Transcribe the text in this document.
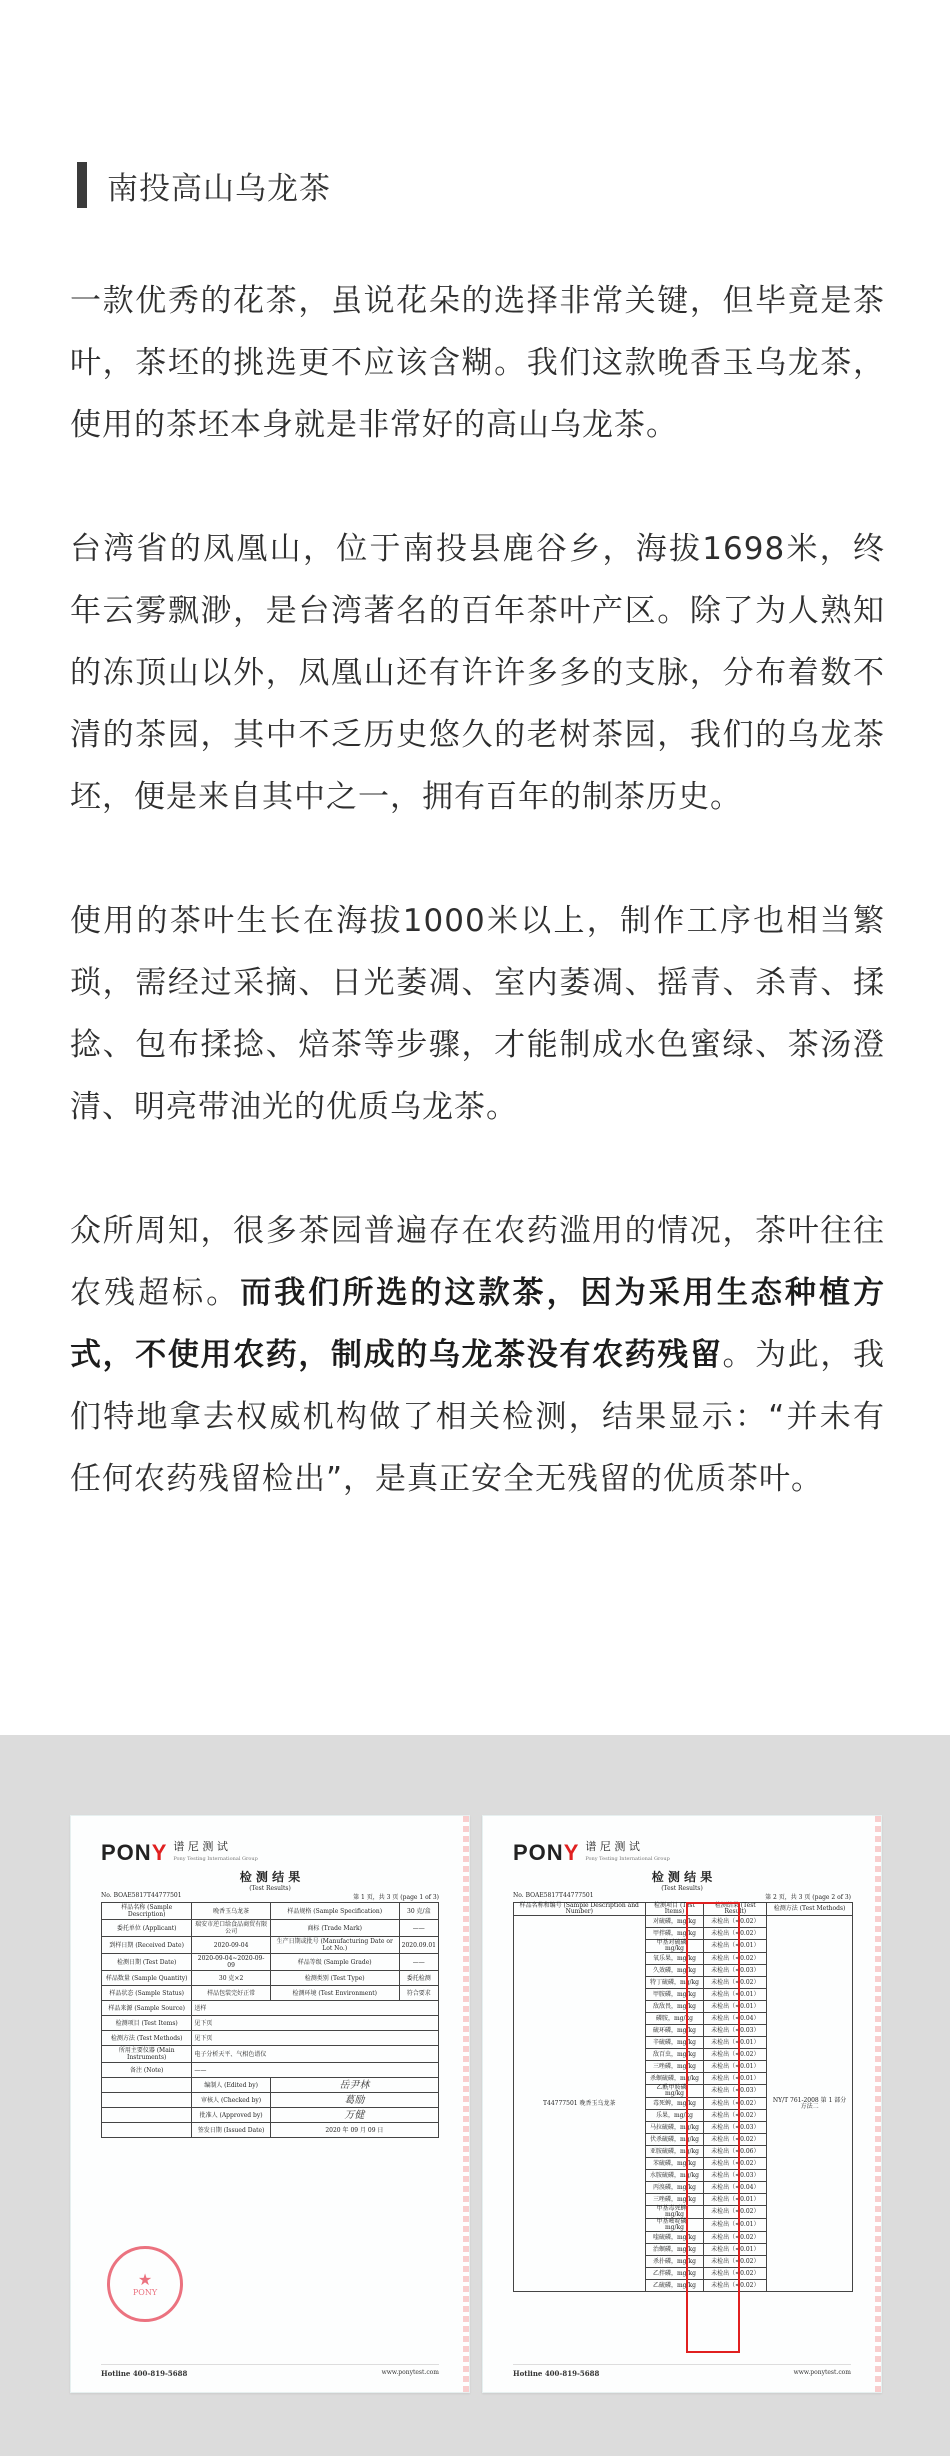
南投高山乌龙茶

一款优秀的花茶，虽说花朵的选择非常关键，但毕竟是茶叶，茶坯的挑选更不应该含糊。我们这款晚香玉乌龙茶，使用的茶坯本身就是非常好的高山乌龙茶。

台湾省的凤凰山，位于南投县鹿谷乡，海拔1698米，终年云雾飘渺，是台湾著名的百年茶叶产区。除了为人熟知的冻顶山以外，凤凰山还有许许多多的支脉，分布着数不清的茶园，其中不乏历史悠久的老树茶园，我们的乌龙茶坯，便是来自其中之一，拥有百年的制茶历史。

使用的茶叶生长在海拔1000米以上，制作工序也相当繁琐，需经过采摘、日光萎凋、室内萎凋、摇青、杀青、揉捻、包布揉捻、焙茶等步骤，才能制成水色蜜绿、茶汤澄清、明亮带油光的优质乌龙茶。

众所周知，很多茶园普遍存在农药滥用的情况，茶叶往往农残超标。而我们所选的这款茶，因为采用生态种植方式，不使用农药，制成的乌龙茶没有农药残留。为此，我们特地拿去权威机构做了相关检测，结果显示：“并未有任何农药残留检出”，是真正安全无残留的优质茶叶。

PONY 谱 尼 测 试
Pony Testing International Group
检 测 结 果
(Test Results)
No. BOAE5817T44777501	第 1 页，共 3 页 (page 1 of 3)
样品名称 (Sample Description)	晚香玉乌龙茶	样品规格 (Sample Specification)	30 克/盒
委托单位 (Applicant)	瑞安市逆口给食品商贸有限公司	商标 (Trade Mark)	——
到样日期 (Received Date)	2020-09-04	生产日期或批号 (Manufacturing Date or Lot No.)	2020.09.01
检测日期 (Test Date)	2020-09-04~2020-09-09	样品等级 (Sample Grade)	——
样品数量 (Sample Quantity)	30 克×2	检测类别 (Test Type)	委托检测
样品状态 (Sample Status)	样品包装完好正常	检测环境 (Test Environment)	符合要求
样品来源 (Sample Source)	送样		
检测项目 (Test Items)	见下页		
检测方法 (Test Methods)	见下页		
所用主要仪器 (Main Instruments)	电子分析天平、气相色谱仪		
备注 (Note)	——		
	编制人 (Edited by)	岳尹林	
	审核人 (Checked by)	葛励	
	批准人 (Approved by)	万健	
	签发日期 (Issued Date)	2020 年 09 月 09 日	
★
PONY
Hotline 400-819-5688	www.ponytest.com
PONY 谱 尼 测 试
Pony Testing International Group
检 测 结 果
(Test Results)
No. BOAE5817T44777501	第 2 页，共 3 页 (page 2 of 3)
样品名称和编号 (Sample Description and Number)	检测项目 (Test Items)	检测结果 (Test Result)	检测方法 (Test Methods)
T44777501 晚香玉乌龙茶	对硫磷，mg/kg	未检出（<0.02）	NY/T 761-2008 第 1 部分 方法二
	甲拌磷，mg/kg	未检出（<0.02）	
	甲基对硫磷，mg/kg	未检出（<0.01）	
	氧乐果，mg/kg	未检出（<0.02）	
	久效磷，mg/kg	未检出（<0.03）	
	特丁硫磷，mg/kg	未检出（<0.02）	
	甲胺磷，mg/kg	未检出（<0.01）	
	敌敌畏，mg/kg	未检出（<0.01）	
	磷胺，mg/kg	未检出（<0.04）	
	硫环磷，mg/kg	未检出（<0.03）	
	辛硫磷，mg/kg	未检出（<0.01）	
	敌百虫，mg/kg	未检出（<0.02）	
	三唑磷，mg/kg	未检出（<0.01）	
	杀螟硫磷，mg/kg	未检出（<0.01）	
	乙酰甲胺磷，mg/kg	未检出（<0.03）	
	毒死蜱，mg/kg	未检出（<0.02）	
	乐果，mg/kg	未检出（<0.02）	
	马拉硫磷，mg/kg	未检出（<0.03）	
	伏杀硫磷，mg/kg	未检出（<0.02）	
	亚胺硫磷，mg/kg	未检出（<0.06）	
	苯硫磷，mg/kg	未检出（<0.02）	
	水胺硫磷，mg/kg	未检出（<0.03）	
	丙溴磷，mg/kg	未检出（<0.04）	
	三唑磷，mg/kg	未检出（<0.01）	
	甲基毒死蜱，mg/kg	未检出（<0.02）	
	甲基嘧啶磷，mg/kg	未检出（<0.01）	
	喹硫磷，mg/kg	未检出（<0.02）	
	治螟磷，mg/kg	未检出（<0.01）	
	杀扑磷，mg/kg	未检出（<0.02）	
	乙拌磷，mg/kg	未检出（<0.02）	
	乙硫磷，mg/kg	未检出（<0.02）	
Hotline 400-819-5688	www.ponytest.com
